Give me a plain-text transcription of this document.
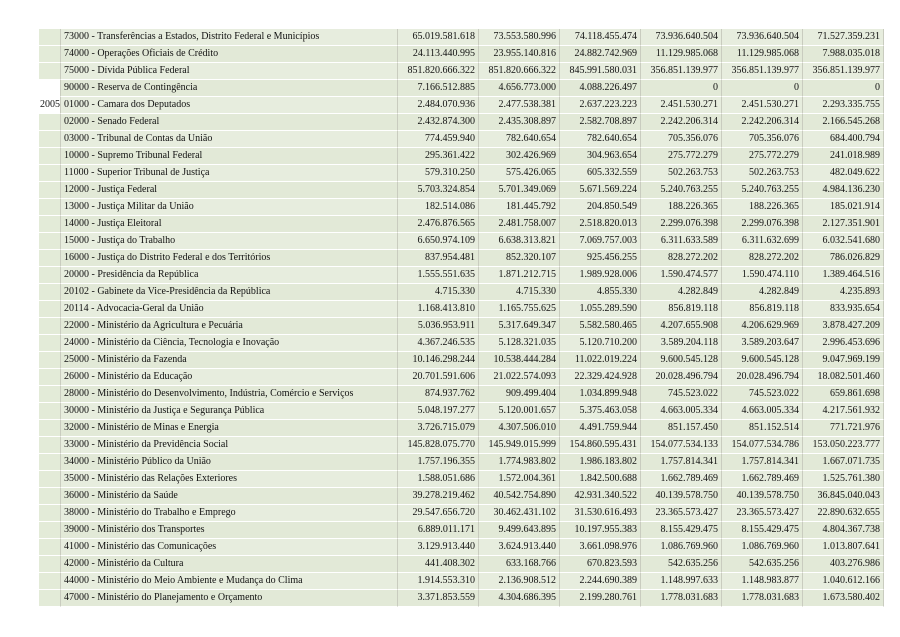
	73000 - Transferências a Estados, Distrito Federal e Municípios	65.019.581.618	73.553.580.996	74.118.455.474	73.936.640.504	73.936.640.504	71.527.359.231
	74000 - Operações Oficiais de Crédito	24.113.440.995	23.955.140.816	24.882.742.969	11.129.985.068	11.129.985.068	7.988.035.018
	75000 - Dívida Pública Federal	851.820.666.322	851.820.666.322	845.991.580.031	356.851.139.977	356.851.139.977	356.851.139.977
	90000 - Reserva de Contingência	7.166.512.885	4.656.773.000	4.088.226.497	0	0	0
2005	01000 - Camara dos Deputados	2.484.070.936	2.477.538.381	2.637.223.223	2.451.530.271	2.451.530.271	2.293.335.755
	02000 - Senado Federal	2.432.874.300	2.435.308.897	2.582.708.897	2.242.206.314	2.242.206.314	2.166.545.268
	03000 - Tribunal de Contas da União	774.459.940	782.640.654	782.640.654	705.356.076	705.356.076	684.400.794
	10000 - Supremo Tribunal Federal	295.361.422	302.426.969	304.963.654	275.772.279	275.772.279	241.018.989
	11000 - Superior Tribunal de Justiça	579.310.250	575.426.065	605.332.559	502.263.753	502.263.753	482.049.622
	12000 - Justiça Federal	5.703.324.854	5.701.349.069	5.671.569.224	5.240.763.255	5.240.763.255	4.984.136.230
	13000 - Justiça Militar da União	182.514.086	181.445.792	204.850.549	188.226.365	188.226.365	185.021.914
	14000 - Justiça Eleitoral	2.476.876.565	2.481.758.007	2.518.820.013	2.299.076.398	2.299.076.398	2.127.351.901
	15000 - Justiça do Trabalho	6.650.974.109	6.638.313.821	7.069.757.003	6.311.633.589	6.311.632.699	6.032.541.680
	16000 - Justiça do Distrito Federal e dos Territórios	837.954.481	852.320.107	925.456.255	828.272.202	828.272.202	786.026.829
	20000 - Presidência da República	1.555.551.635	1.871.212.715	1.989.928.006	1.590.474.577	1.590.474.110	1.389.464.516
	20102 - Gabinete da Vice-Presidência da República	4.715.330	4.715.330	4.855.330	4.282.849	4.282.849	4.235.893
	20114 - Advocacia-Geral da União	1.168.413.810	1.165.755.625	1.055.289.590	856.819.118	856.819.118	833.935.654
	22000 - Ministério da Agricultura e Pecuária	5.036.953.911	5.317.649.347	5.582.580.465	4.207.655.908	4.206.629.969	3.878.427.209
	24000 - Ministério da Ciência, Tecnologia e Inovação	4.367.246.535	5.128.321.035	5.120.710.200	3.589.204.118	3.589.203.647	2.996.453.696
	25000 - Ministério da Fazenda	10.146.298.244	10.538.444.284	11.022.019.224	9.600.545.128	9.600.545.128	9.047.969.199
	26000 - Ministério da Educação	20.701.591.606	21.022.574.093	22.329.424.928	20.028.496.794	20.028.496.794	18.082.501.460
	28000 - Ministério do Desenvolvimento, Indústria, Comércio e Serviços	874.937.762	909.499.404	1.034.899.948	745.523.022	745.523.022	659.861.698
	30000 - Ministério da Justiça e Segurança Pública	5.048.197.277	5.120.001.657	5.375.463.058	4.663.005.334	4.663.005.334	4.217.561.932
	32000 - Ministério de Minas e Energia	3.726.715.079	4.307.506.010	4.491.759.944	851.157.450	851.152.514	771.721.976
	33000 - Ministério da Previdência Social	145.828.075.770	145.949.015.999	154.860.595.431	154.077.534.133	154.077.534.786	153.050.223.777
	34000 - Ministério Público da União	1.757.196.355	1.774.983.802	1.986.183.802	1.757.814.341	1.757.814.341	1.667.071.735
	35000 - Ministério das Relações Exteriores	1.588.051.686	1.572.004.361	1.842.500.688	1.662.789.469	1.662.789.469	1.525.761.380
	36000 - Ministério da Saúde	39.278.219.462	40.542.754.890	42.931.340.522	40.139.578.750	40.139.578.750	36.845.040.043
	38000 - Ministério do Trabalho e Emprego	29.547.656.720	30.462.431.102	31.530.616.493	23.365.573.427	23.365.573.427	22.890.632.655
	39000 - Ministério dos Transportes	6.889.011.171	9.499.643.895	10.197.955.383	8.155.429.475	8.155.429.475	4.804.367.738
	41000 - Ministério das Comunicações	3.129.913.440	3.624.913.440	3.661.098.976	1.086.769.960	1.086.769.960	1.013.807.641
	42000 - Ministério da Cultura	441.408.302	633.168.766	670.823.593	542.635.256	542.635.256	403.276.986
	44000 - Ministério do Meio Ambiente e Mudança do Clima	1.914.553.310	2.136.908.512	2.244.690.389	1.148.997.633	1.148.983.877	1.040.612.166
	47000 - Ministério do Planejamento e Orçamento	3.371.853.559	4.304.686.395	2.199.280.761	1.778.031.683	1.778.031.683	1.673.580.402
